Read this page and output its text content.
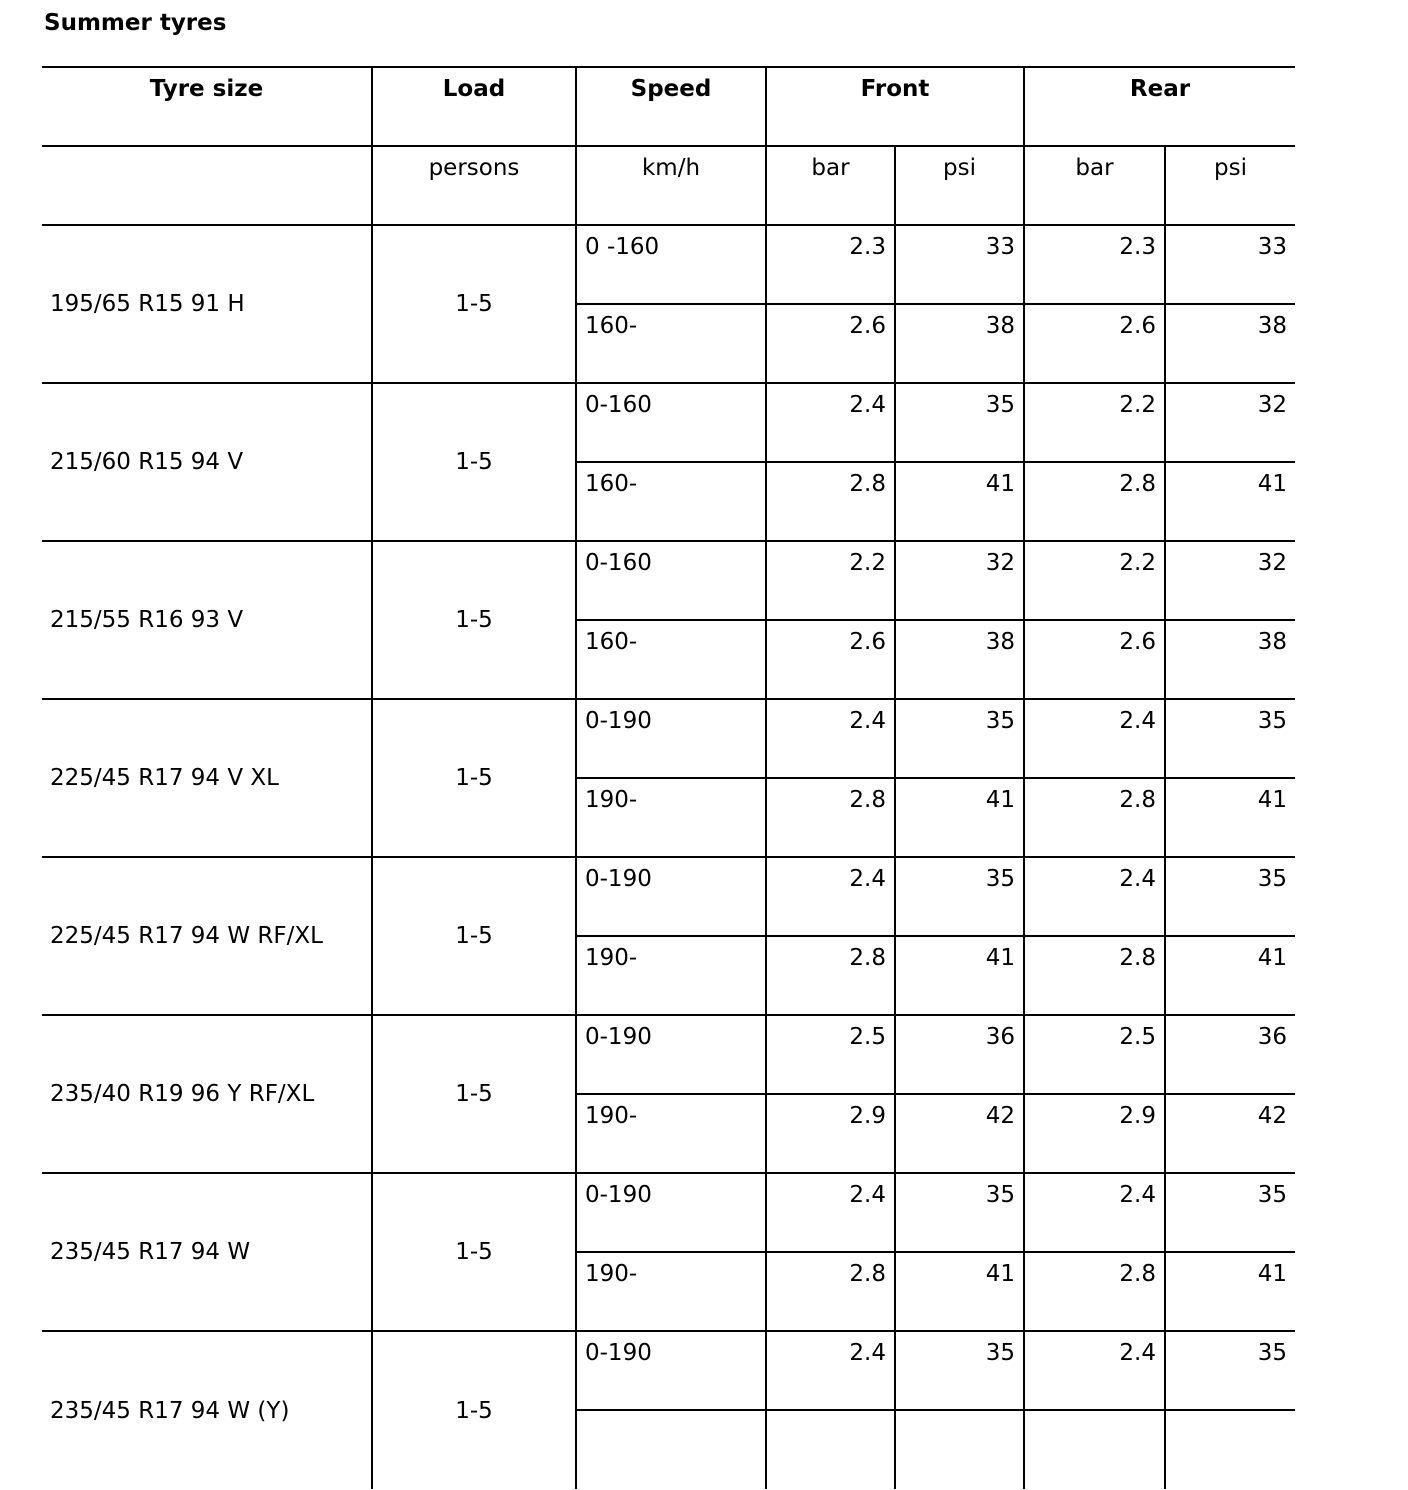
Summer tyres
Tyre size	Load	Speed	Front		Rear	
	persons	km/h	bar	psi	bar	psi
195/65 R15 91 H	1-5	0 -160	2.3	33	2.3	33
		160-	2.6	38	2.6	38
215/60 R15 94 V	1-5	0-160	2.4	35	2.2	32
		160-	2.8	41	2.8	41
215/55 R16 93 V	1-5	0-160	2.2	32	2.2	32
		160-	2.6	38	2.6	38
225/45 R17 94 V XL	1-5	0-190	2.4	35	2.4	35
		190-	2.8	41	2.8	41
225/45 R17 94 W RF/XL	1-5	0-190	2.4	35	2.4	35
		190-	2.8	41	2.8	41
235/40 R19 96 Y RF/XL	1-5	0-190	2.5	36	2.5	36
		190-	2.9	42	2.9	42
235/45 R17 94 W	1-5	0-190	2.4	35	2.4	35
		190-	2.8	41	2.8	41
235/45 R17 94 W (Y)	1-5	0-190	2.4	35	2.4	35
